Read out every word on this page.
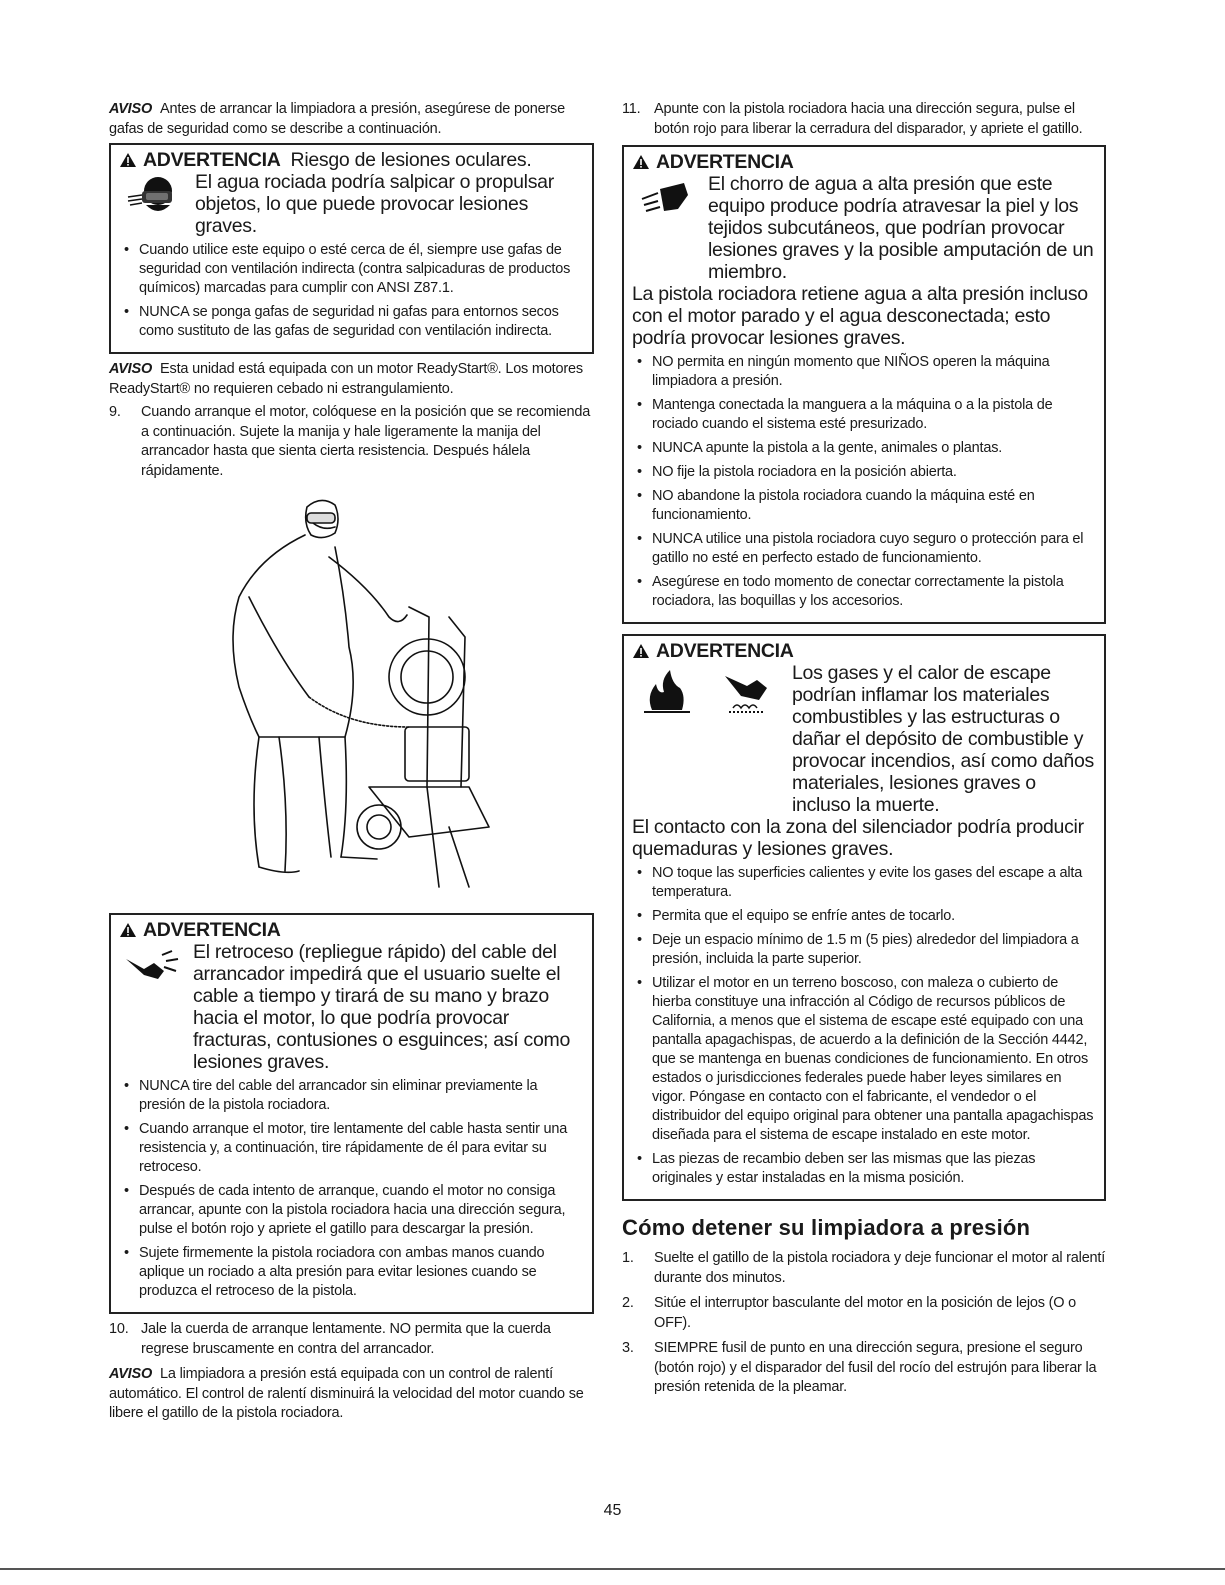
AVISO Antes de arrancar la limpiadora a presión, asegúrese de ponerse gafas de seguridad como se describe a continuación.

ADVERTENCIA Riesgo de lesiones oculares.
El agua rociada podría salpicar o propulsar objetos, lo que puede provocar lesiones graves.
• Cuando utilice este equipo o esté cerca de él, siempre use gafas de seguridad con ventilación indirecta (contra salpicaduras de productos químicos) marcadas para cumplir con ANSI Z87.1.
• NUNCA se ponga gafas de seguridad ni gafas para entornos secos como sustituto de las gafas de seguridad con ventilación indirecta.

AVISO Esta unidad está equipada con un motor ReadyStart®. Los motores ReadyStart® no requieren cebado ni estrangulamiento.

9.	Cuando arranque el motor, colóquese en la posición que se recomienda a continuación. Sujete la manija y hale ligeramente la manija del arrancador hasta que sienta cierta resistencia. Después hálela rápidamente.
ADVERTENCIA
El retroceso (repliegue rápido) del cable del arrancador impedirá que el usuario suelte el cable a tiempo y tirará de su mano y brazo hacia el motor, lo que podría provocar fracturas, contusiones o esguinces; así como lesiones graves.
• NUNCA tire del cable del arrancador sin eliminar previamente la presión de la pistola rociadora.
• Cuando arranque el motor, tire lentamente del cable hasta sentir una resistencia y, a continuación, tire rápidamente de él para evitar su retroceso.
• Después de cada intento de arranque, cuando el motor no consiga arrancar, apunte con la pistola rociadora hacia una dirección segura, pulse el botón rojo y apriete el gatillo para descargar la presión.
• Sujete firmemente la pistola rociadora con ambas manos cuando aplique un rociado a alta presión para evitar lesiones cuando se produzca el retroceso de la pistola.
10. Jale la cuerda de arranque lentamente. NO permita que la cuerda regrese bruscamente en contra del arrancador.

AVISO La limpiadora a presión está equipada con un control de ralentí automático. El control de ralentí disminuirá la velocidad del motor cuando se libere el gatillo de la pistola rociadora.

11. Apunte con la pistola rociadora hacia una dirección segura, pulse el botón rojo para liberar la cerradura del disparador, y apriete el gatillo.
ADVERTENCIA
El chorro de agua a alta presión que este equipo produce podría atravesar la piel y los tejidos subcutáneos, que podrían provocar lesiones graves y la posible amputación de un miembro.
La pistola rociadora retiene agua a alta presión incluso con el motor parado y el agua desconectada; esto podría provocar lesiones graves.
• NO permita en ningún momento que NIÑOS operen la máquina limpiadora a presión.
• Mantenga conectada la manguera a la máquina o a la pistola de rociado cuando el sistema esté presurizado.
• NUNCA apunte la pistola a la gente, animales o plantas.
• NO fije la pistola rociadora en la posición abierta.
• NO abandone la pistola rociadora cuando la máquina esté en funcionamiento.
• NUNCA utilice una pistola rociadora cuyo seguro o protección para el gatillo no esté en perfecto estado de funcionamiento.
• Asegúrese en todo momento de conectar correctamente la pistola rociadora, las boquillas y los accesorios.
ADVERTENCIA
Los gases y el calor de escape podrían inflamar los materiales combustibles y las estructuras o dañar el depósito de combustible y provocar incendios, así como daños materiales, lesiones graves o incluso la muerte.
El contacto con la zona del silenciador podría producir quemaduras y lesiones graves.
• NO toque las superficies calientes y evite los gases del escape a alta temperatura.
• Permita que el equipo se enfríe antes de tocarlo.
• Deje un espacio mínimo de 1.5 m (5 pies) alrededor del limpiadora a presión, incluida la parte superior.
• Utilizar el motor en un terreno boscoso, con maleza o cubierto de hierba constituye una infracción al Código de recursos públicos de California, a menos que el sistema de escape esté equipado con una pantalla apagachispas, de acuerdo a la definición de la Sección 4442, que se mantenga en buenas condiciones de funcionamiento. En otros estados o jurisdicciones federales puede haber leyes similares en vigor. Póngase en contacto con el fabricante, el vendedor o el distribuidor del equipo original para obtener una pantalla apagachispas diseñada para el sistema de escape instalado en este motor.
• Las piezas de recambio deben ser las mismas que las piezas originales y estar instaladas en la misma posición.
Cómo detener su limpiadora a presión
1.	Suelte el gatillo de la pistola rociadora y deje funcionar el motor al ralentí durante dos minutos.
2.	Sitúe el interruptor basculante del motor en la posición de lejos (O o OFF).
3.	SIEMPRE fusil de punto en una dirección segura, presione el seguro (botón rojo) y el disparador del fusil del rocío del estrujón para liberar la presión retenida de la pleamar.
45
